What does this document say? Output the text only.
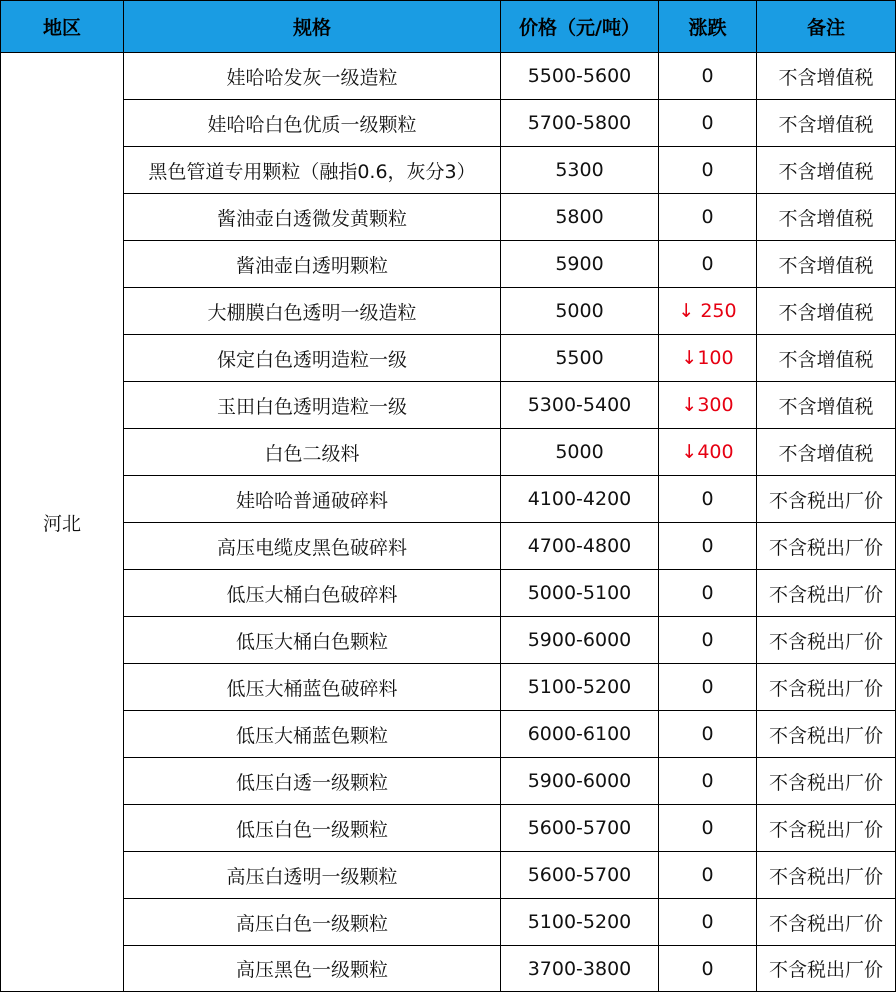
地区	规格	价格（元/吨）	涨跌	备注
河北	娃哈哈发灰一级造粒	5500-5600	0	不含增值税
	娃哈哈白色优质一级颗粒	5700-5800	0	不含增值税
	黑色管道专用颗粒（融指0.6，灰分3）	5300	0	不含增值税
	酱油壶白透微发黄颗粒	5800	0	不含增值税
	酱油壶白透明颗粒	5900	0	不含增值税
	大棚膜白色透明一级造粒	5000	↓ 250	不含增值税
	保定白色透明造粒一级	5500	↓100	不含增值税
	玉田白色透明造粒一级	5300-5400	↓300	不含增值税
	白色二级料	5000	↓400	不含增值税
	娃哈哈普通破碎料	4100-4200	0	不含税出厂价
	高压电缆皮黑色破碎料	4700-4800	0	不含税出厂价
	低压大桶白色破碎料	5000-5100	0	不含税出厂价
	低压大桶白色颗粒	5900-6000	0	不含税出厂价
	低压大桶蓝色破碎料	5100-5200	0	不含税出厂价
	低压大桶蓝色颗粒	6000-6100	0	不含税出厂价
	低压白透一级颗粒	5900-6000	0	不含税出厂价
	低压白色一级颗粒	5600-5700	0	不含税出厂价
	高压白透明一级颗粒	5600-5700	0	不含税出厂价
	高压白色一级颗粒	5100-5200	0	不含税出厂价
	高压黑色一级颗粒	3700-3800	0	不含税出厂价
